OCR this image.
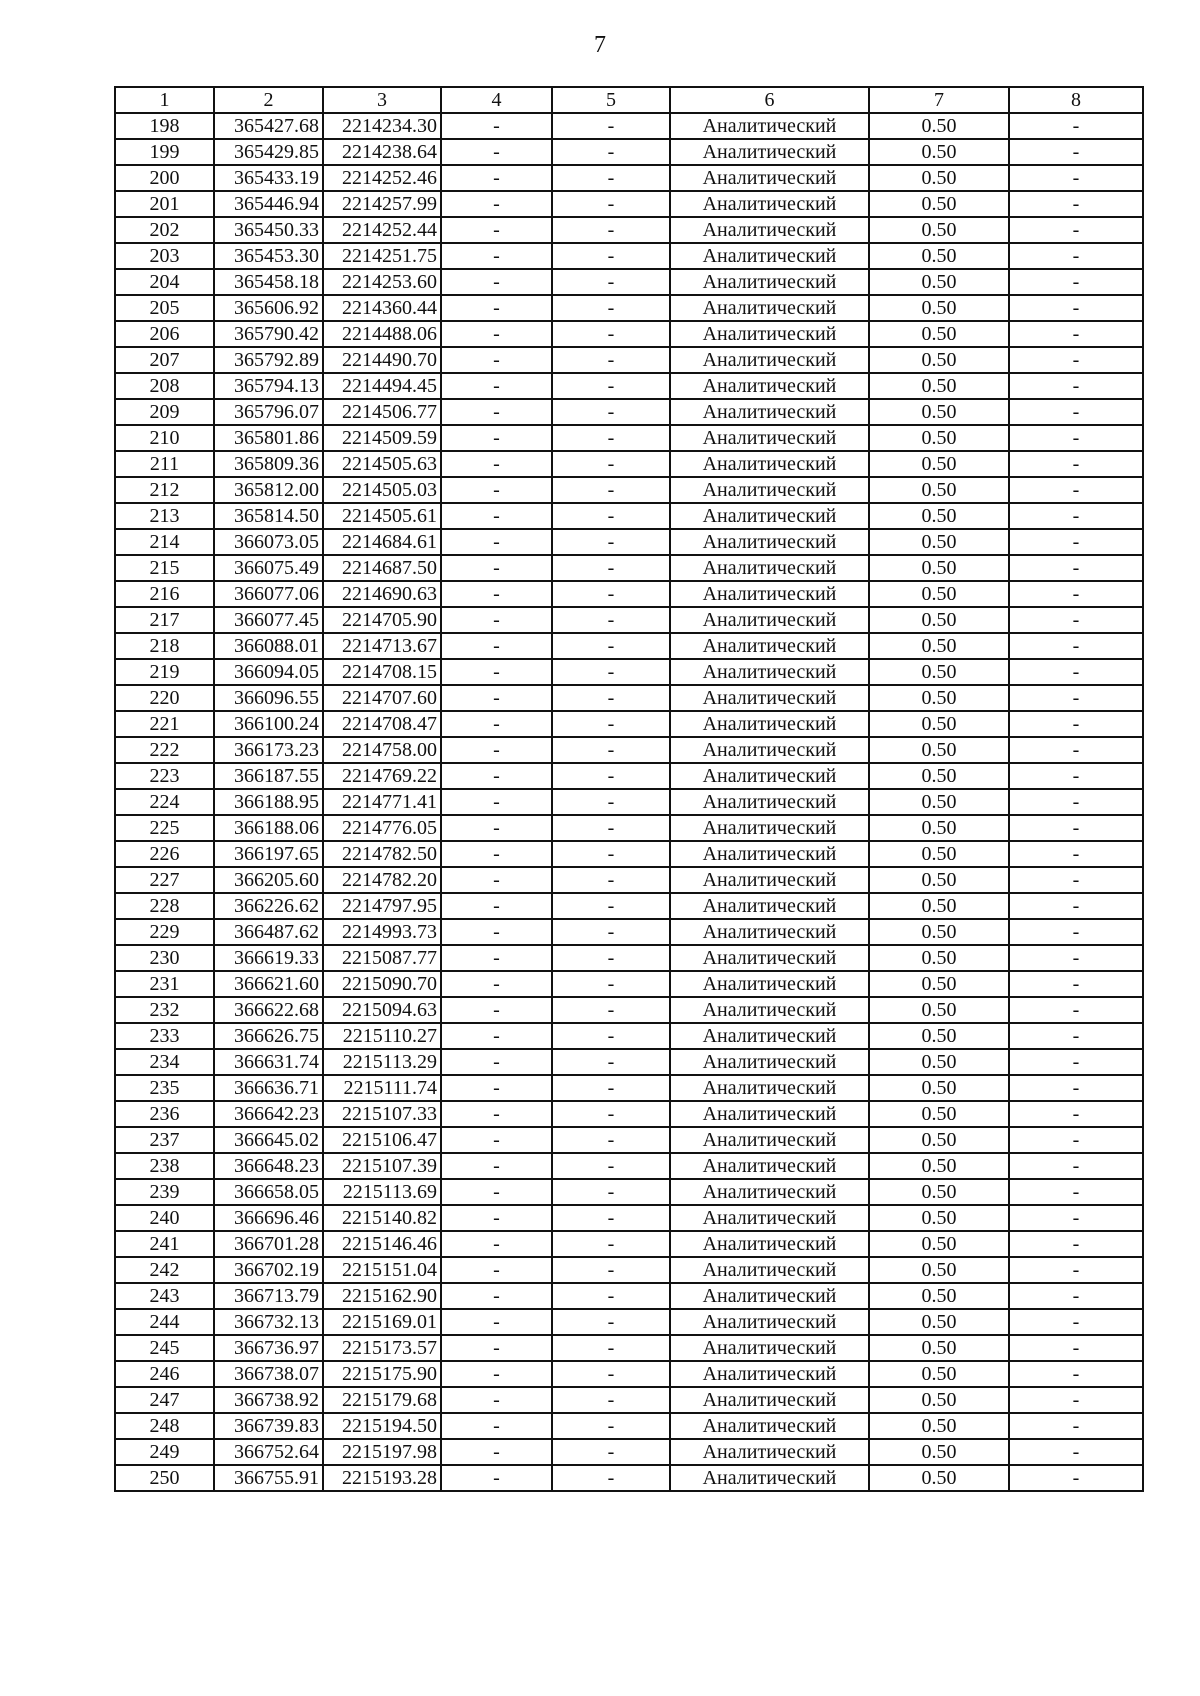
7
1	2	3	4	5	6	7	8
198	365427.68	2214234.30	-	-	Аналитический	0.50	-
199	365429.85	2214238.64	-	-	Аналитический	0.50	-
200	365433.19	2214252.46	-	-	Аналитический	0.50	-
201	365446.94	2214257.99	-	-	Аналитический	0.50	-
202	365450.33	2214252.44	-	-	Аналитический	0.50	-
203	365453.30	2214251.75	-	-	Аналитический	0.50	-
204	365458.18	2214253.60	-	-	Аналитический	0.50	-
205	365606.92	2214360.44	-	-	Аналитический	0.50	-
206	365790.42	2214488.06	-	-	Аналитический	0.50	-
207	365792.89	2214490.70	-	-	Аналитический	0.50	-
208	365794.13	2214494.45	-	-	Аналитический	0.50	-
209	365796.07	2214506.77	-	-	Аналитический	0.50	-
210	365801.86	2214509.59	-	-	Аналитический	0.50	-
211	365809.36	2214505.63	-	-	Аналитический	0.50	-
212	365812.00	2214505.03	-	-	Аналитический	0.50	-
213	365814.50	2214505.61	-	-	Аналитический	0.50	-
214	366073.05	2214684.61	-	-	Аналитический	0.50	-
215	366075.49	2214687.50	-	-	Аналитический	0.50	-
216	366077.06	2214690.63	-	-	Аналитический	0.50	-
217	366077.45	2214705.90	-	-	Аналитический	0.50	-
218	366088.01	2214713.67	-	-	Аналитический	0.50	-
219	366094.05	2214708.15	-	-	Аналитический	0.50	-
220	366096.55	2214707.60	-	-	Аналитический	0.50	-
221	366100.24	2214708.47	-	-	Аналитический	0.50	-
222	366173.23	2214758.00	-	-	Аналитический	0.50	-
223	366187.55	2214769.22	-	-	Аналитический	0.50	-
224	366188.95	2214771.41	-	-	Аналитический	0.50	-
225	366188.06	2214776.05	-	-	Аналитический	0.50	-
226	366197.65	2214782.50	-	-	Аналитический	0.50	-
227	366205.60	2214782.20	-	-	Аналитический	0.50	-
228	366226.62	2214797.95	-	-	Аналитический	0.50	-
229	366487.62	2214993.73	-	-	Аналитический	0.50	-
230	366619.33	2215087.77	-	-	Аналитический	0.50	-
231	366621.60	2215090.70	-	-	Аналитический	0.50	-
232	366622.68	2215094.63	-	-	Аналитический	0.50	-
233	366626.75	2215110.27	-	-	Аналитический	0.50	-
234	366631.74	2215113.29	-	-	Аналитический	0.50	-
235	366636.71	2215111.74	-	-	Аналитический	0.50	-
236	366642.23	2215107.33	-	-	Аналитический	0.50	-
237	366645.02	2215106.47	-	-	Аналитический	0.50	-
238	366648.23	2215107.39	-	-	Аналитический	0.50	-
239	366658.05	2215113.69	-	-	Аналитический	0.50	-
240	366696.46	2215140.82	-	-	Аналитический	0.50	-
241	366701.28	2215146.46	-	-	Аналитический	0.50	-
242	366702.19	2215151.04	-	-	Аналитический	0.50	-
243	366713.79	2215162.90	-	-	Аналитический	0.50	-
244	366732.13	2215169.01	-	-	Аналитический	0.50	-
245	366736.97	2215173.57	-	-	Аналитический	0.50	-
246	366738.07	2215175.90	-	-	Аналитический	0.50	-
247	366738.92	2215179.68	-	-	Аналитический	0.50	-
248	366739.83	2215194.50	-	-	Аналитический	0.50	-
249	366752.64	2215197.98	-	-	Аналитический	0.50	-
250	366755.91	2215193.28	-	-	Аналитический	0.50	-
